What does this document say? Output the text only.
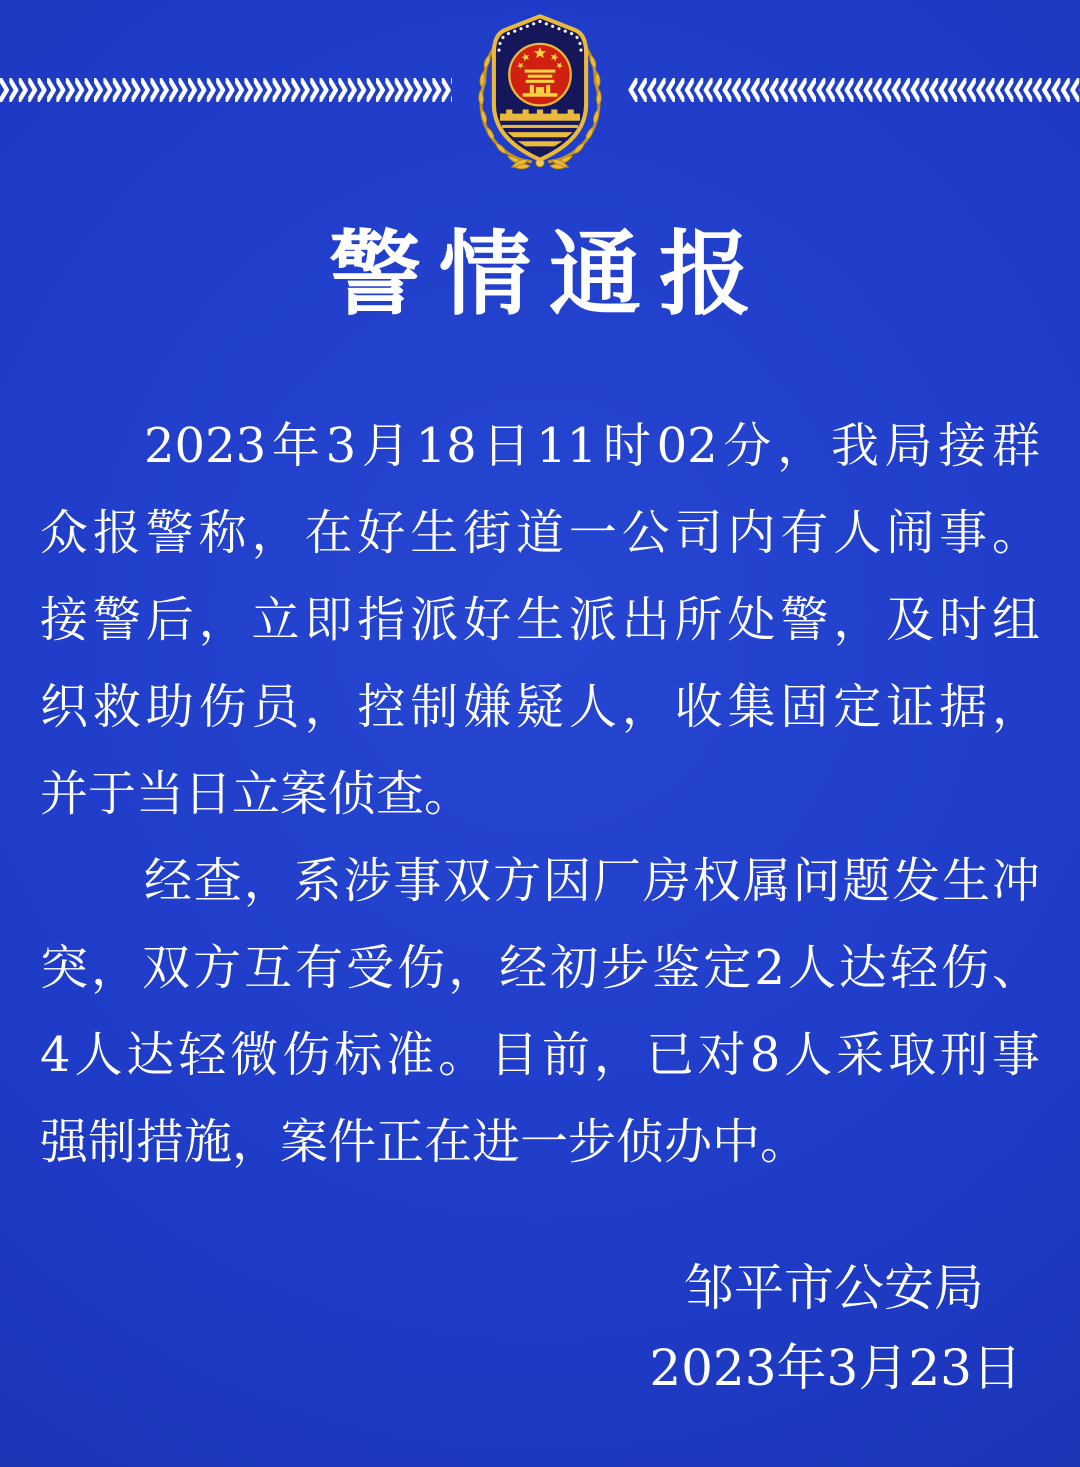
警情通报
2023年3月18日11时02分，我局接群
众报警称，在好生街道一公司内有人闹事。
接警后，立即指派好生派出所处警，及时组
织救助伤员，控制嫌疑人，收集固定证据，
并于当日立案侦查。
经查，系涉事双方因厂房权属问题发生冲
突，双方互有受伤，经初步鉴定2人达轻伤、
4人达轻微伤标准。目前，已对8人采取刑事
强制措施，案件正在进一步侦办中。
邹平市公安局
2023年3月23日
